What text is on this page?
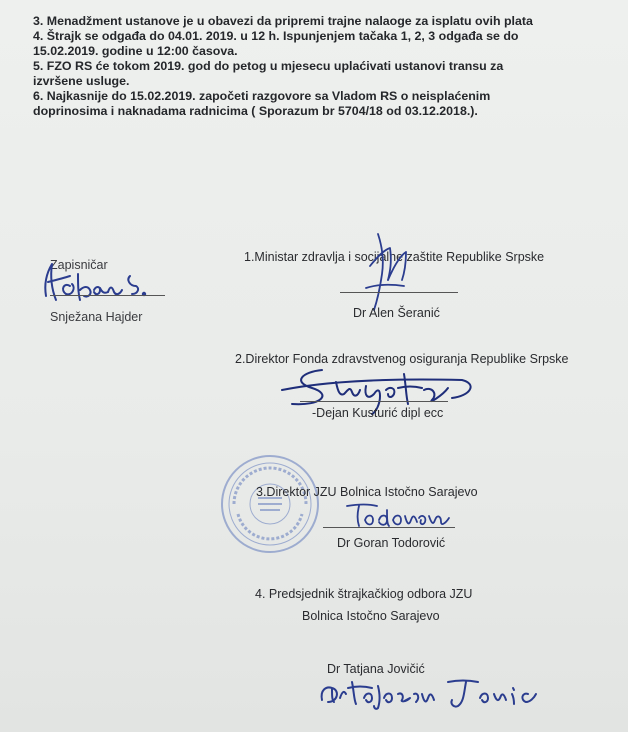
3. Menadžment ustanove je u obavezi da pripremi trajne nalaoge za isplatu ovih plata
4. Štrajk se odgađa do 04.01. 2019. u 12 h. Ispunjenjem tačaka 1, 2, 3 odgađa se do
15.02.2019. godine u 12:00 časova.
5. FZO RS će tokom 2019. god do petog u mjesecu uplaćivati ustanovi transu za
izvršene usluge.
6. Najkasnije do 15.02.2019. započeti razgovore sa Vladom RS o neisplaćenim
doprinosima i naknadama radnicima ( Sporazum br 5704/18 od 03.12.2018.).
Zapisničar
Snježana Hajder
1.Ministar zdravlja i socijalne zaštite Republike Srpske
Dr Alen Šeranić
2.Direktor Fonda zdravstvenog osiguranja Republike Srpske
-Dejan Kusturić dipl ecc
3.Direktor JZU Bolnica Istočno Sarajevo
Dr Goran Todorović
4. Predsjednik štrajkačkiog odbora JZU
Bolnica Istočno Sarajevo
Dr Tatjana Jovičić
